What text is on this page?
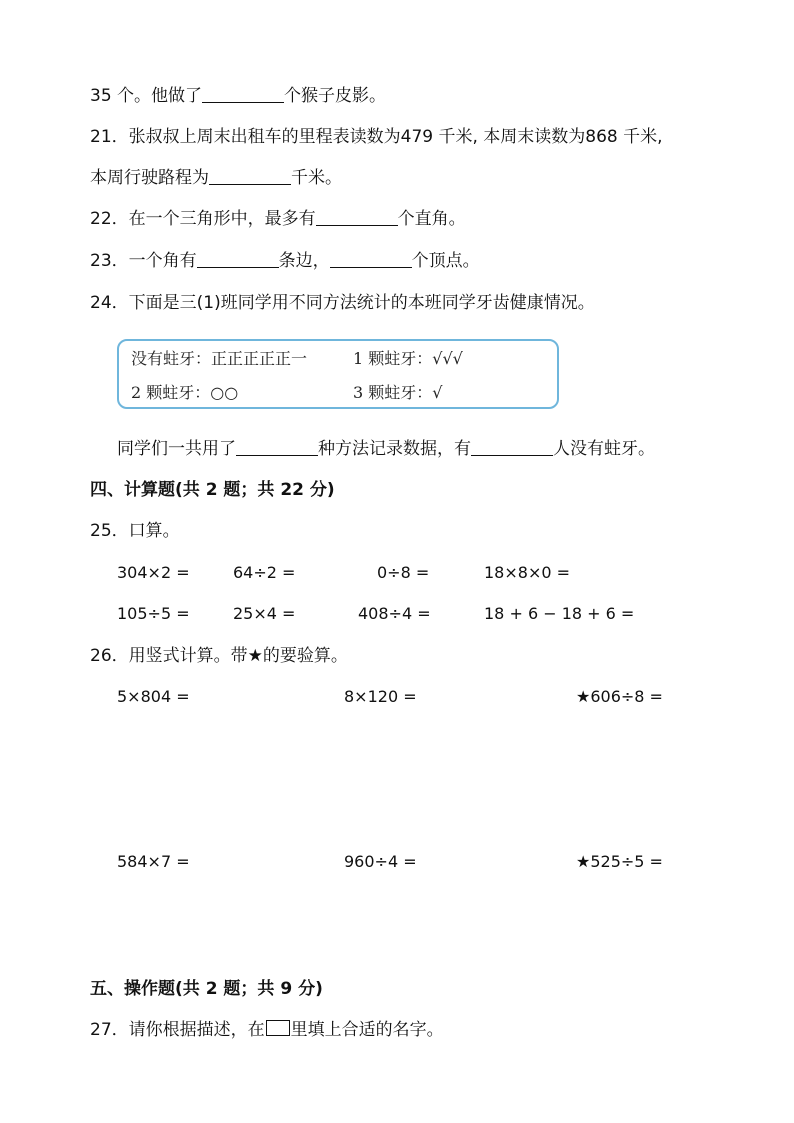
35 个。他做了	个猴子皮影。
21．张叔叔上周末出租车的里程表读数为479 千米, 本周末读数为868 千米,
本周行驶路程为	千米。
22．在一个三角形中，最多有	个直角。
23．一个角有	条边，	个顶点。
24．下面是三(1)班同学用不同方法统计的本班同学牙齿健康情况。
没有蛀牙：正正正正正一	1 颗蛀牙：√√√
2 颗蛀牙：○○	3 颗蛀牙：√
同学们一共用了	种方法记录数据，有	人没有蛀牙。
四、计算题(共 2 题；共 22 分)
25．口算。
304×2 =	64÷2 =	0÷8 =	18×8×0 =
105÷5 =	25×4 =	408÷4 =	18 + 6 − 18 + 6 =
26．用竖式计算。带★的要验算。
5×804 =	8×120 =	★606÷8 =
584×7 =	960÷4 =	★525÷5 =
五、操作题(共 2 题；共 9 分)
27．请你根据描述，在 里填上合适的名字。
